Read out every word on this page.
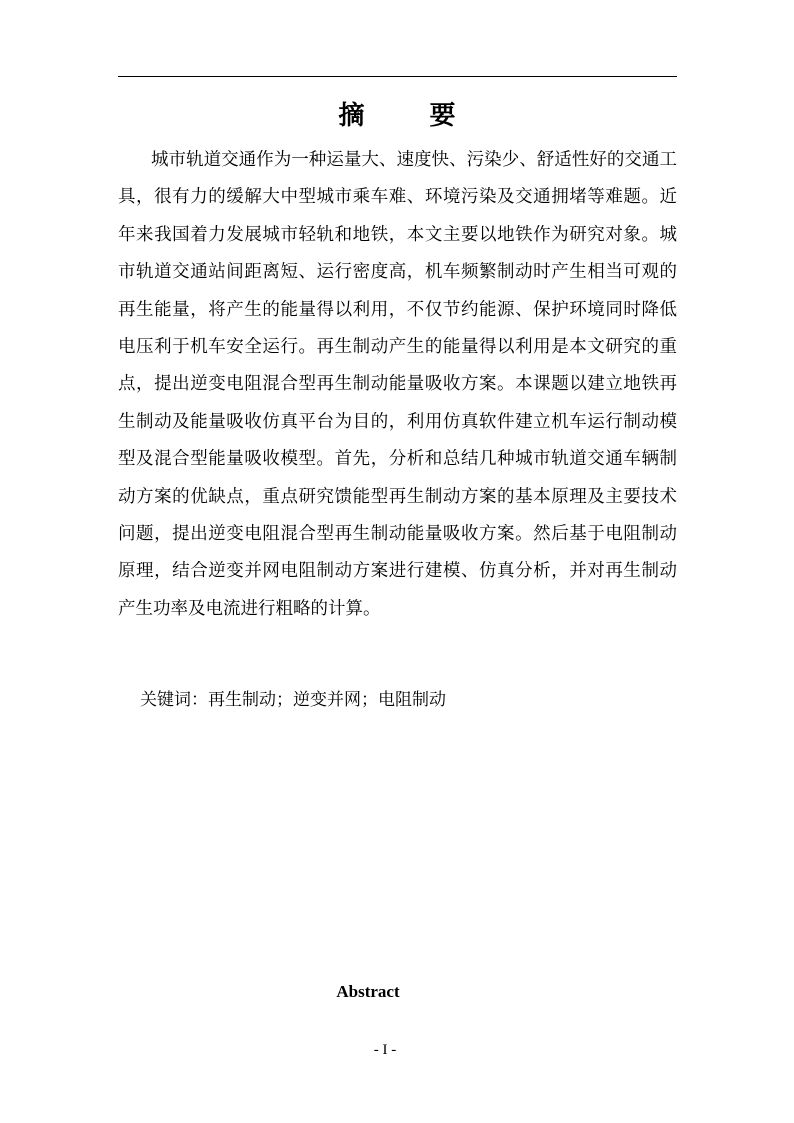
摘 要

城市轨道交通作为一种运量大、速度快、污染少、舒适性好的交通工具，很有力的缓解大中型城市乘车难、环境污染及交通拥堵等难题。近年来我国着力发展城市轻轨和地铁，本文主要以地铁作为研究对象。城市轨道交通站间距离短、运行密度高，机车频繁制动时产生相当可观的再生能量，将产生的能量得以利用，不仅节约能源、保护环境同时降低电压利于机车安全运行。再生制动产生的能量得以利用是本文研究的重点，提出逆变电阻混合型再生制动能量吸收方案。本课题以建立地铁再生制动及能量吸收仿真平台为目的，利用仿真软件建立机车运行制动模型及混合型能量吸收模型。首先，分析和总结几种城市轨道交通车辆制动方案的优缺点，重点研究馈能型再生制动方案的基本原理及主要技术问题，提出逆变电阻混合型再生制动能量吸收方案。然后基于电阻制动原理，结合逆变并网电阻制动方案进行建模、仿真分析，并对再生制动产生功率及电流进行粗略的计算。

关键词：再生制动；逆变并网；电阻制动
Abstract
- I -
